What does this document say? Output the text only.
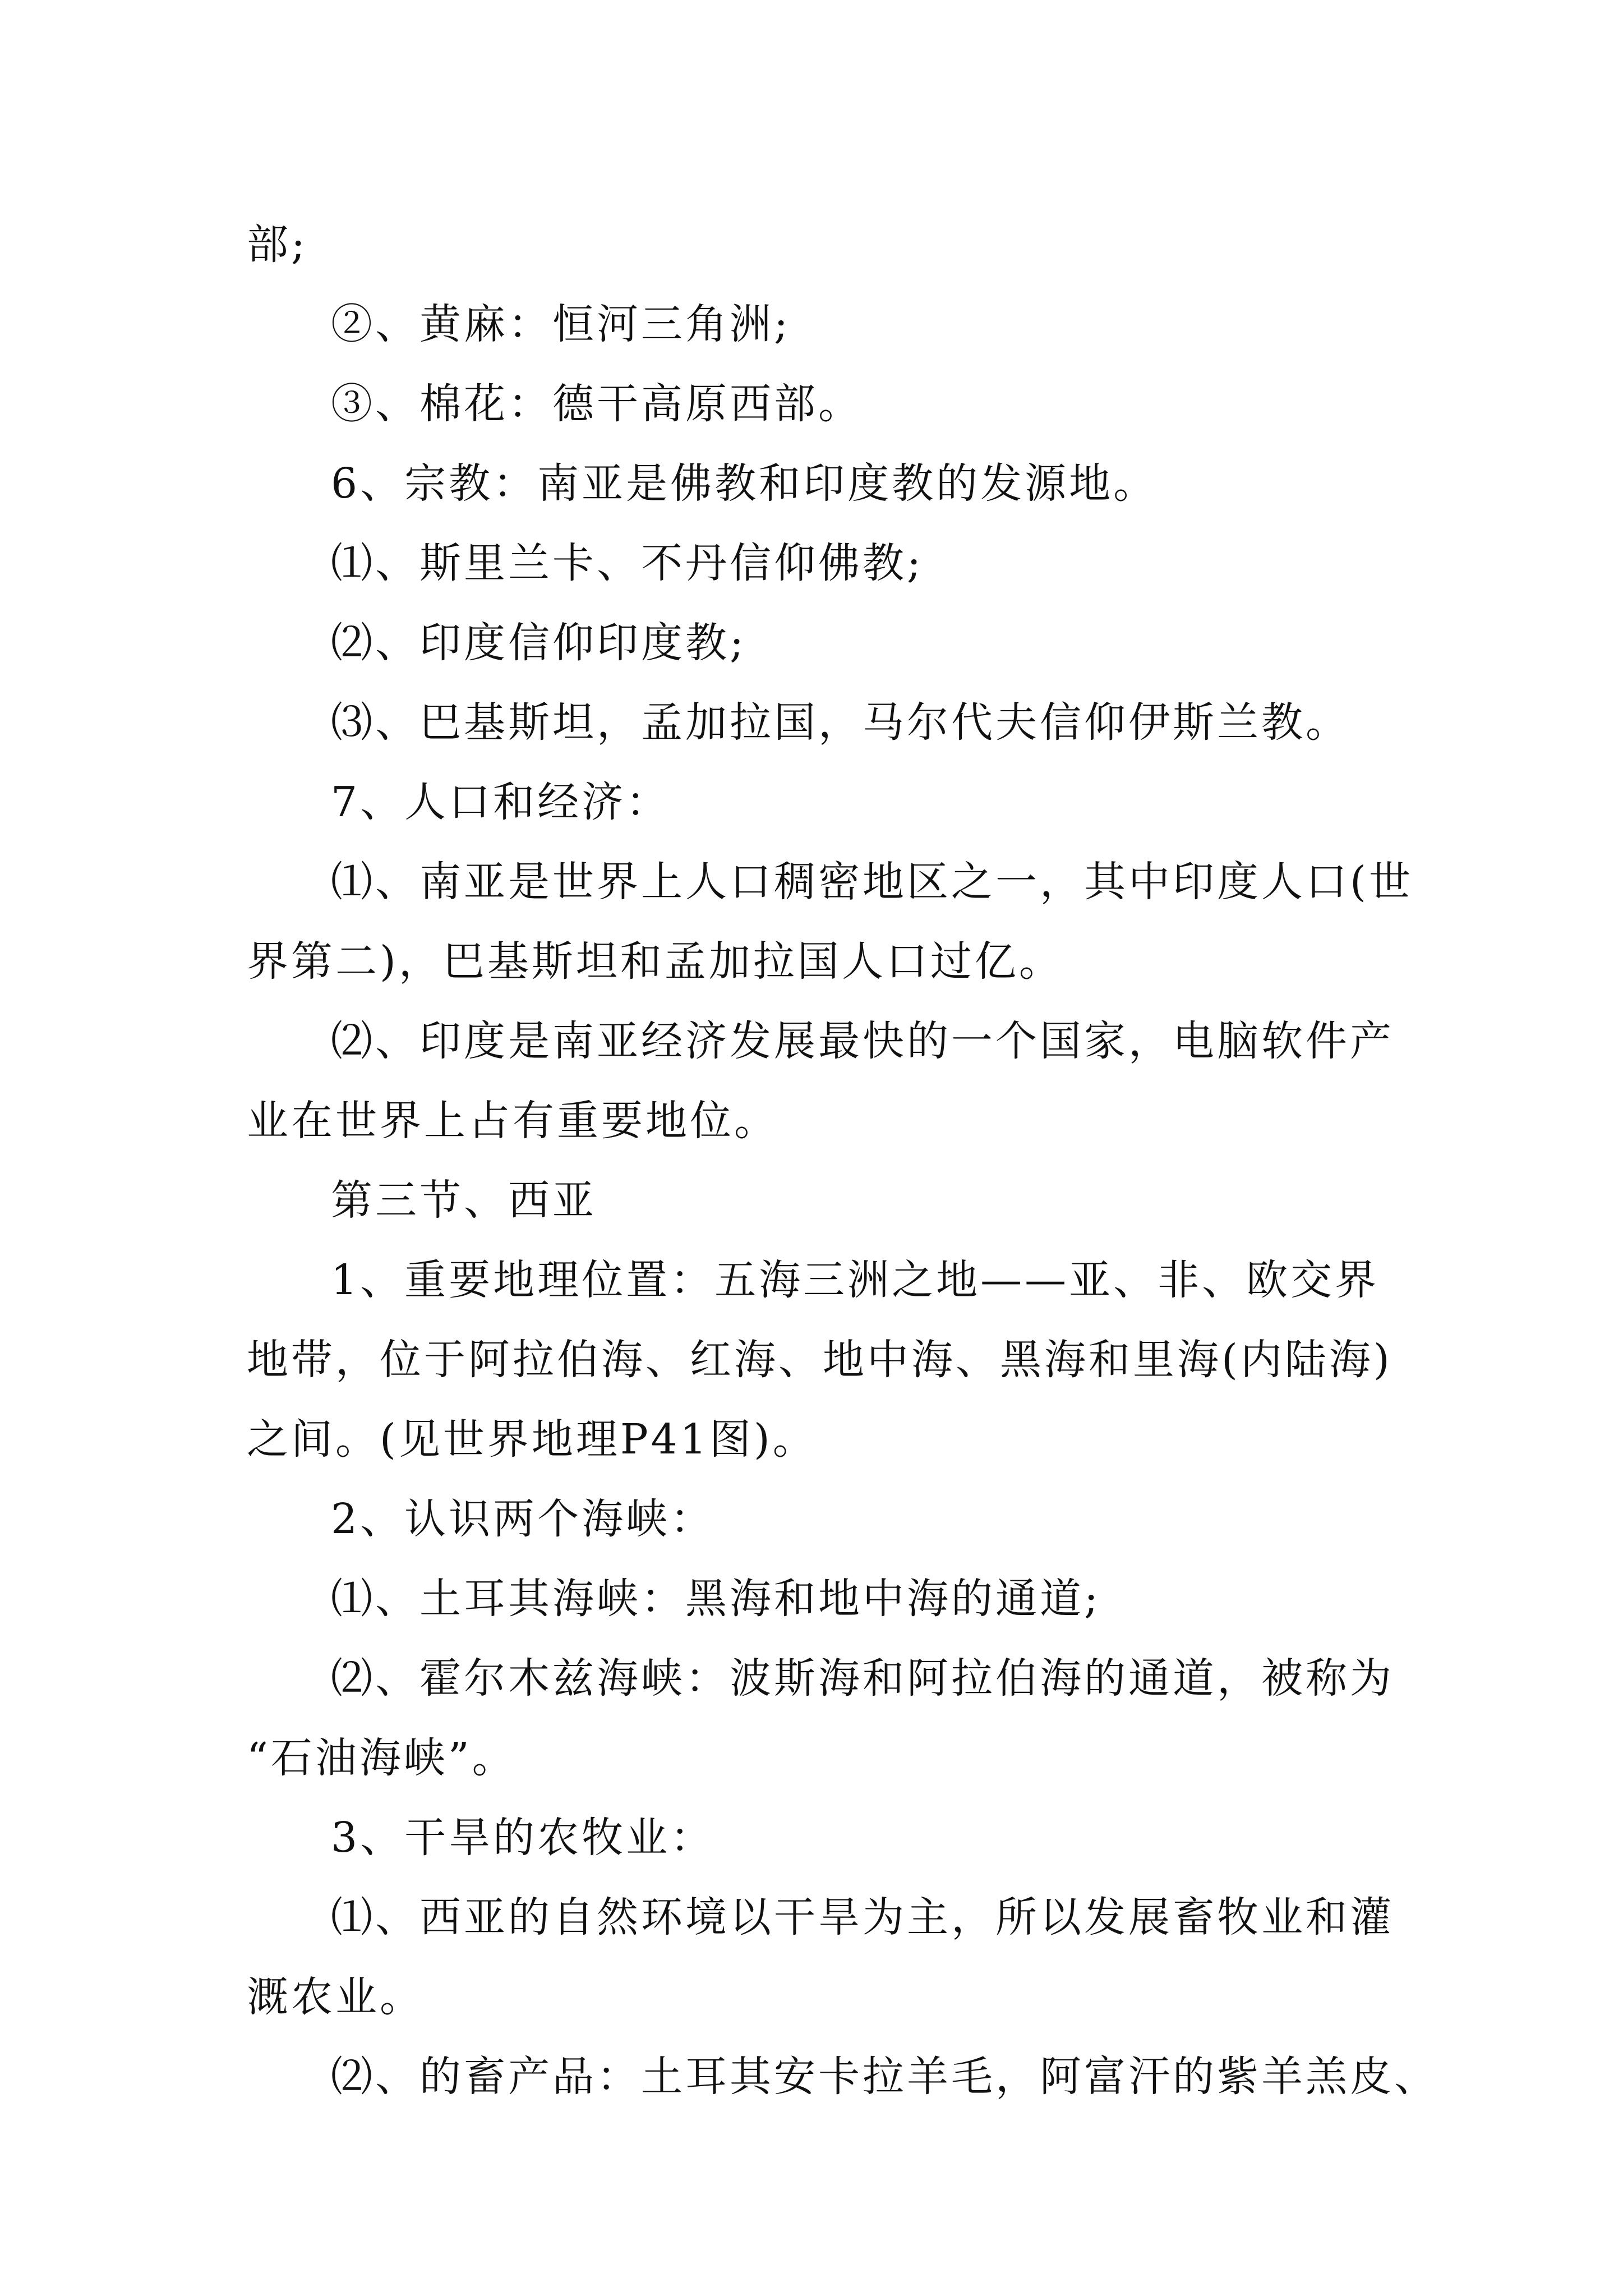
部;
②、黄麻：恒河三角洲;
③、棉花：德干高原西部。
6、宗教：南亚是佛教和印度教的发源地。
⑴、斯里兰卡、不丹信仰佛教;
⑵、印度信仰印度教;
⑶、巴基斯坦，孟加拉国，马尔代夫信仰伊斯兰教。
7、人口和经济：
⑴、南亚是世界上人口稠密地区之一，其中印度人口(世
界第二)，巴基斯坦和孟加拉国人口过亿。
⑵、印度是南亚经济发展最快的一个国家，电脑软件产
业在世界上占有重要地位。
第三节、西亚
1、重要地理位置：五海三洲之地——亚、非、欧交界
地带，位于阿拉伯海、红海、地中海、黑海和里海(内陆海)
之间。(见世界地理P41图)。
2、认识两个海峡：
⑴、土耳其海峡：黑海和地中海的通道;
⑵、霍尔木兹海峡：波斯海和阿拉伯海的通道，被称为
“石油海峡”。
3、干旱的农牧业：
⑴、西亚的自然环境以干旱为主，所以发展畜牧业和灌
溉农业。
⑵、的畜产品：土耳其安卡拉羊毛，阿富汗的紫羊羔皮、
